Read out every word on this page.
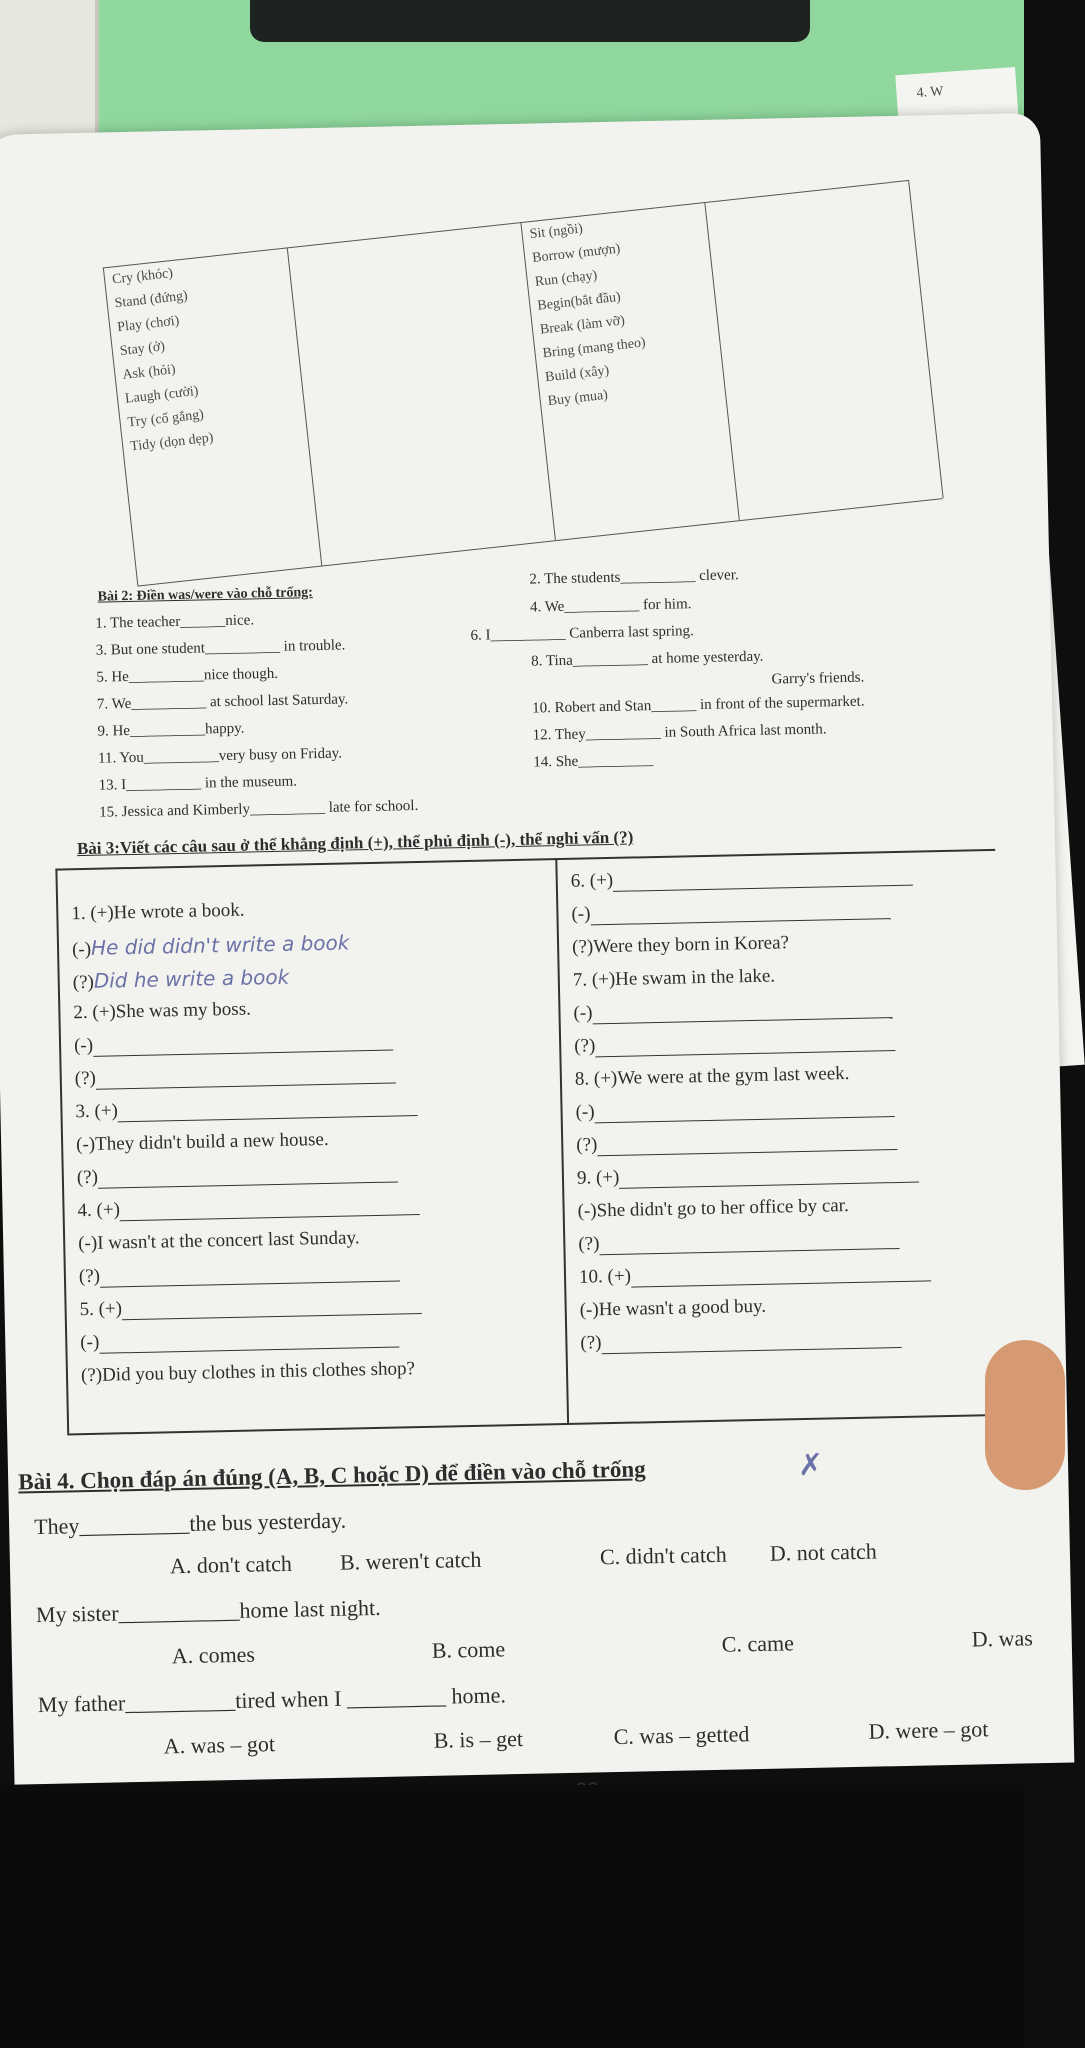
4. W
Cry (khóc)
Stand (đứng)
Play (chơi)
Stay (ở)
Ask (hỏi)
Laugh (cười)
Try (cố gắng)
Tidy (dọn dẹp)
Sit (ngồi)
Borrow (mượn)
Run (chạy)
Begin(bắt đầu)
Break (làm vỡ)
Bring (mang theo)
Build (xây)
Buy (mua)
Bài 2: Điền was/were vào chỗ trống:
1. The teacher______nice.
3. But one student__________ in trouble.
5. He__________nice though.
7. We__________ at school last Saturday.
9. He__________happy.
11. You__________very busy on Friday.
13. I__________ in the museum.
15. Jessica and Kimberly__________ late for school.
2. The students__________ clever.
4. We__________ for him.
6. I__________ Canberra last spring.
8. Tina__________ at home yesterday.
Garry's friends.
10. Robert and Stan______ in front of the supermarket.
12. They__________ in South Africa last month.
14. She__________
Bài 3:Viết các câu sau ở thể khẳng định (+), thể phủ định (-), thể nghi vấn (?)
1. (+)He wrote a book.
(-)He did didn't write a book
(?)Did he write a book
2. (+)She was my boss.
(-)
(?)
3. (+)
(-)They didn't build a new house.
(?)
4. (+)
(-)I wasn't at the concert last Sunday.
(?)
5. (+)
(-)
(?)Did you buy clothes in this clothes shop?
6. (+)
(-)
(?)Were they born in Korea?
7. (+)He swam in the lake.
(-)
(?)
8. (+)We were at the gym last week.
(-)
(?)
9. (+)
(-)She didn't go to her office by car.
(?)
10. (+)
(-)He wasn't a good buy.
(?)
Bài 4. Chọn đáp án đúng (A, B, C hoặc D) để điền vào chỗ trống	✗
They__________the bus yesterday.
A. don't catch B. weren't catch	C. didn't catch D. not catch
My sister___________home last night.
A. comes	B. come	C. came	D. was
My father__________tired when I _________ home.
A. was – got	B. is – get	C. was – getted	D. were – got
